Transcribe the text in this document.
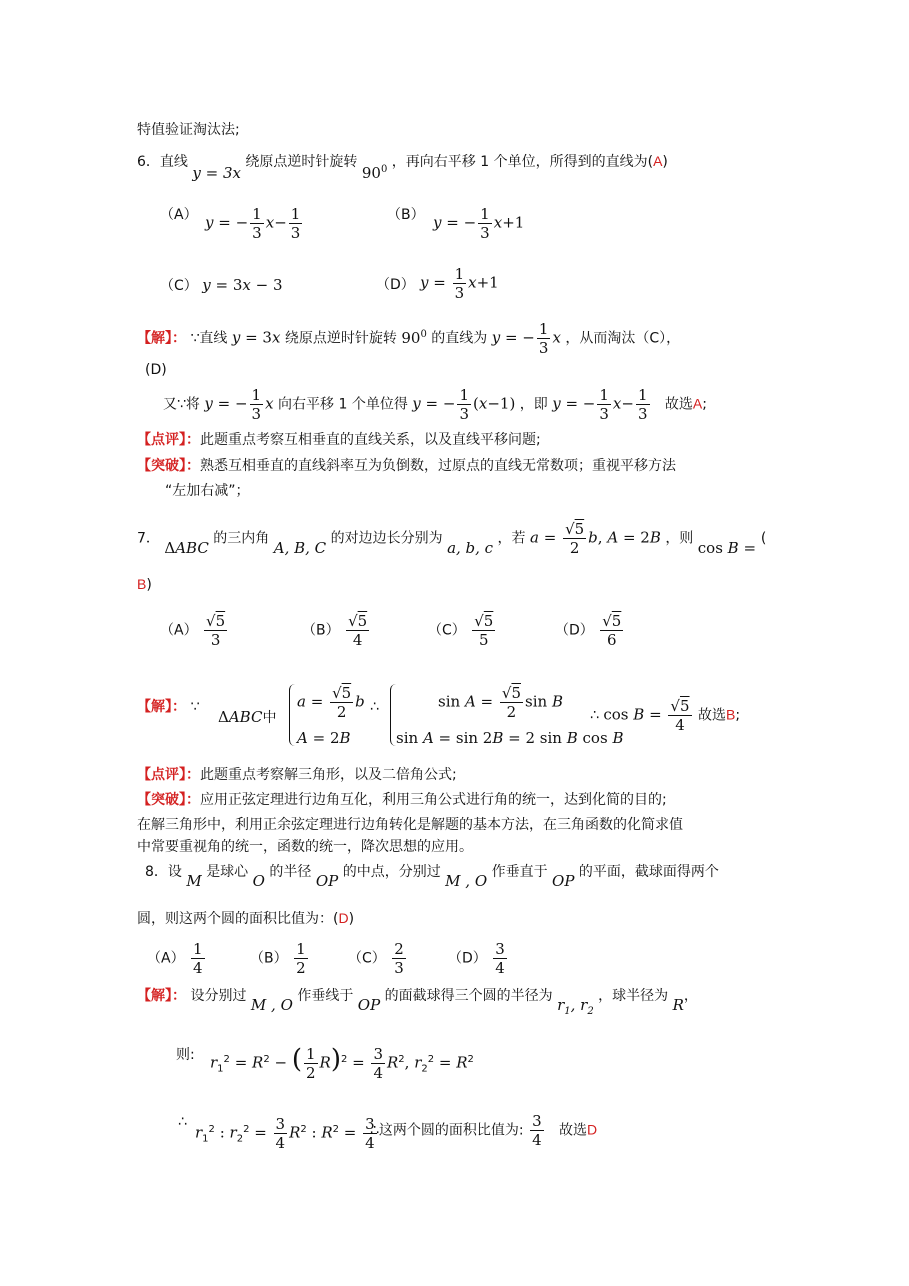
特值验证淘汰法;
6．直线 y = 3x 绕原点逆时针旋转 $90^0$ ，再向右平移 1 个单位，所得到的直线为(A)
（A） y = − $\frac{1}{3} x- \frac{1}{3}$	（B） y = − $\frac{1}{3} x+1$
（C） y = 3x − 3	（D） $y = \frac{1}{3} x+1$
【解】： ∵直线 y = 3x 绕原点逆时针旋转 $90^0$ 的直线为 y = − $\frac{1}{3}$ x ，从而淘汰（C），
(D)
又∵将 y = − $\frac{1}{3}$ x 向右平移 1 个单位得 y = − $\frac{1}{3} (x-1)$ ，即 y = − $\frac{1}{3} x- \frac{1}{3}$ 故选A;
【点评】：此题重点考察互相垂直的直线关系，以及直线平移问题;
【突破】：熟悉互相垂直的直线斜率互为负倒数，过原点的直线无常数项；重视平移方法
“左加右减”；
7． ΔABC 的三内角 A, B, C 的对边边长分别为 a, b, c ，若 $a = \frac{√5}{2} b$, A = 2B ，则 cos B = (
B)
$(A) \frac{√5}{3}$	$(B) \frac{√5}{4}$	$(C) \frac{√5}{5}$	$(D) \frac{√5}{6}$
【解】： ∵
ΔABC中
$a = \frac{√5}{2}$ b
A = 2B
∴	$\sin A = \frac{√5}{2}$ sin B
sin A = sin 2B = 2 sin B cos B
∴ $\cos B = \frac{√5}{4}$ 故选B;
【点评】：此题重点考察解三角形，以及二倍角公式;
【突破】：应用正弦定理进行边角互化，利用三角公式进行角的统一，达到化简的目的;
在解三角形中，利用正余弦定理进行边角转化是解题的基本方法，在三角函数的化简求值
中常要重视角的统一，函数的统一，降次思想的应用。
8．设 M 是球心 O 的半径 OP 的中点，分别过 M , O 作垂直于 OP 的平面，截球面得两个
圆，则这两个圆的面积比值为：(D)
$(A) \frac{1}{4}$	$(B) \frac{1}{2}$	$(C) \frac{2}{3}$	$(D) \frac{3}{4}$
【解】： 设分别过 M , O 作垂线于 OP 的面截球得三个圆的半径为 $r_1$, $r_2$ ，球半径为 R，
则: $r_1^2 = R^2$ − ( $\frac{1}{2} R)^2 = \frac{3}{4} R^2$, $r_2^2 = R^2$
∴
$r_1^2$ : $r_2^2 = \frac{3}{4} R^2$ : $R^2 = \frac{3}{4}$
∴这两个圆的面积比值为: $\frac{3}{4}$ 故选D
